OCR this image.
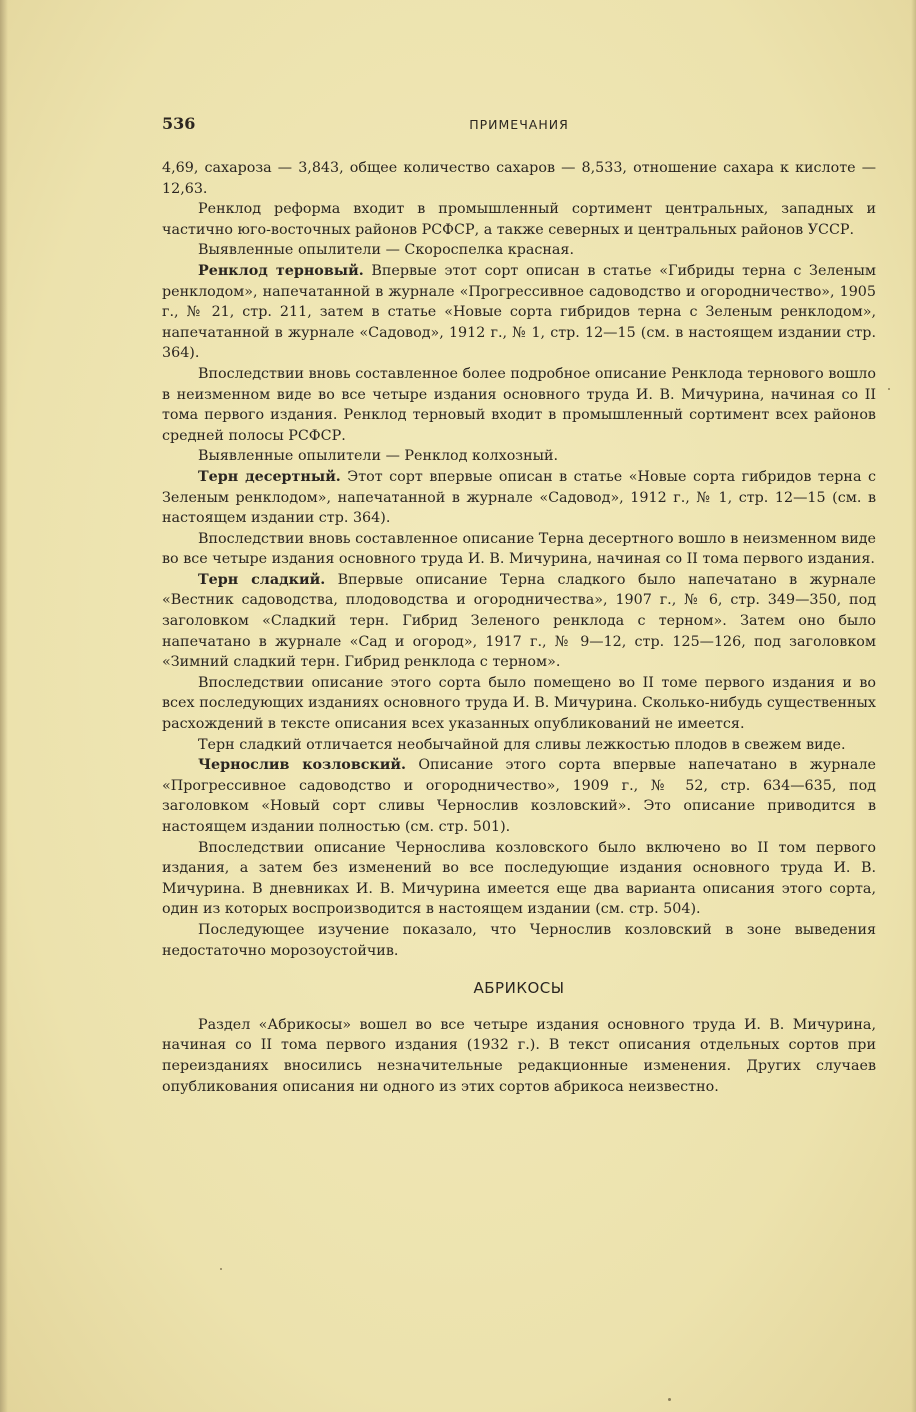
536	ПРИМЕЧАНИЯ

4,69, сахароза — 3,843, общее количество сахаров — 8,533, отношение сахара к кислоте — 12,63.

Ренклод реформа входит в промышленный сортимент центральных, западных и частично юго-восточных районов РСФСР, а также северных и центральных районов УССР.

Выявленные опылители — Скороспелка красная.

Ренклод терновый. Впервые этот сорт описан в статье «Гибриды терна с Зеленым ренклодом», напечатанной в журнале «Прогрессивное садоводство и огородничество», 1905 г., № 21, стр. 211, затем в статье «Новые сорта гибридов терна с Зеленым ренклодом», напечатанной в журнале «Садовод», 1912 г., № 1, стр. 12—15 (см. в настоящем издании стр. 364).

Впоследствии вновь составленное более подробное описание Ренклода тернового вошло в неизменном виде во все четыре издания основного труда И. В. Мичурина, начиная со II тома первого издания. Ренклод терновый входит в промышленный сортимент всех районов средней полосы РСФСР.

Выявленные опылители — Ренклод колхозный.

Терн десертный. Этот сорт впервые описан в статье «Новые сорта гибридов терна с Зеленым ренклодом», напечатанной в журнале «Садовод», 1912 г., № 1, стр. 12—15 (см. в настоящем издании стр. 364).

Впоследствии вновь составленное описание Терна десертного вошло в неизменном виде во все четыре издания основного труда И. В. Мичурина, начиная со II тома первого издания.

Терн сладкий. Впервые описание Терна сладкого было напечатано в журнале «Вестник садоводства, плодоводства и огородничества», 1907 г., № 6, стр. 349—350, под заголовком «Сладкий терн. Гибрид Зеленого ренклода с терном». Затем оно было напечатано в журнале «Сад и огород», 1917 г., № 9—12, стр. 125—126, под заголовком «Зимний сладкий терн. Гибрид ренклода с терном».

Впоследствии описание этого сорта было помещено во II томе первого издания и во всех последующих изданиях основного труда И. В. Мичурина. Сколько-нибудь существенных расхождений в тексте описания всех указанных опубликований не имеется.

Терн сладкий отличается необычайной для сливы лежкостью плодов в свежем виде.

Чернослив козловский. Описание этого сорта впервые напечатано в журнале «Прогрессивное садоводство и огородничество», 1909 г., № 52, стр. 634—635, под заголовком «Новый сорт сливы Чернослив козловский». Это описание приводится в настоящем издании полностью (см. стр. 501).

Впоследствии описание Чернослива козловского было включено во II том первого издания, а затем без изменений во все последующие издания основного труда И. В. Мичурина. В дневниках И. В. Мичурина имеется еще два варианта описания этого сорта, один из которых воспроизводится в настоящем издании (см. стр. 504).

Последующее изучение показало, что Чернослив козловский в зоне выведения недостаточно морозоустойчив.

АБРИКОСЫ

Раздел «Абрикосы» вошел во все четыре издания основного труда И. В. Мичурина, начиная со II тома первого издания (1932 г.). В текст описания отдельных сортов при переизданиях вносились незначительные редакционные изменения. Других случаев опубликования описания ни одного из этих сортов абрикоса неизвестно.
